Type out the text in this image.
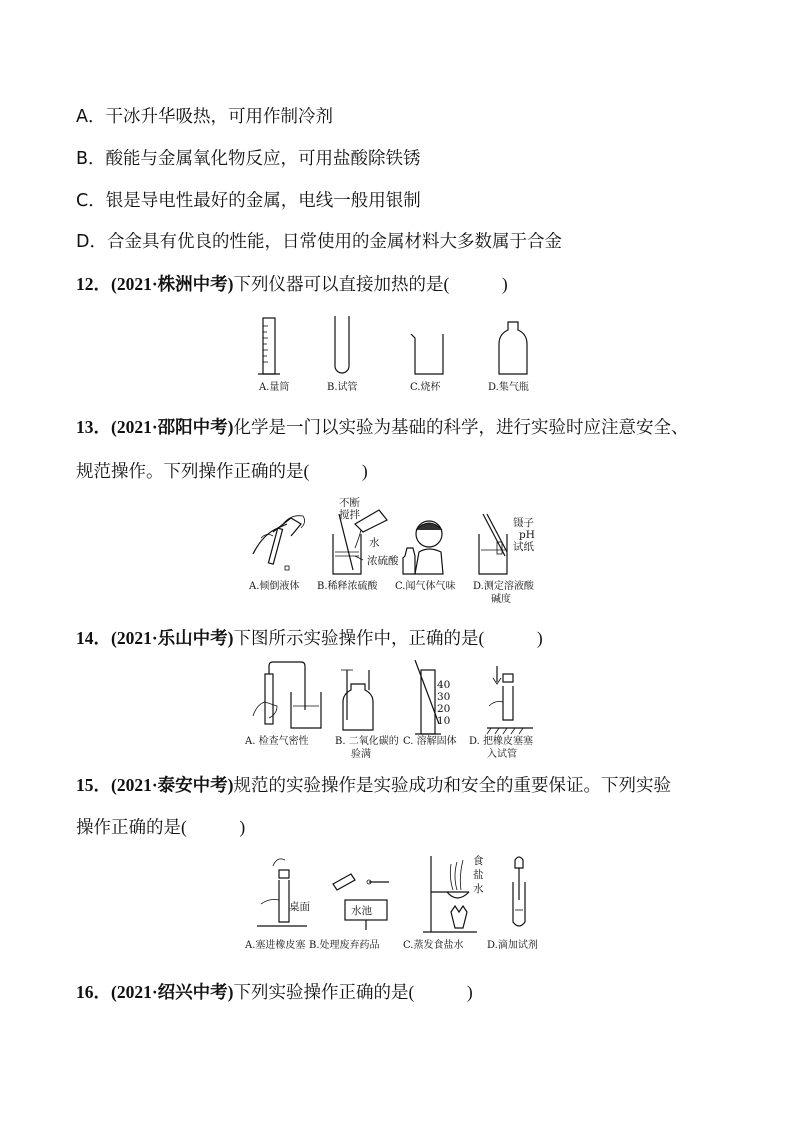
A．干冰升华吸热，可用作制冷剂
B．酸能与金属氧化物反应，可用盐酸除铁锈
C．银是导电性最好的金属，电线一般用银制
D．合金具有优良的性能，日常使用的金属材料大多数属于合金
12．(2021·株洲中考)下列仪器可以直接加热的是(　　　)
A.量筒	B.试管	C.烧杯	D.集气瓶
13．(2021·邵阳中考)化学是一门以实验为基础的科学，进行实验时应注意安全、
规范操作。下列操作正确的是(　　　)
不断
搅拌
水
浓硫酸
镊子
pH
试纸
A.倾倒液体 B.稀释浓硫酸 C.闻气体气味 D.测定溶液酸
碱度
14．(2021·乐山中考)下图所示实验操作中，正确的是(　　　)
40
30
20
10
A. 检查气密性	B. 二氧化碳的
验满
C. 溶解固体 D. 把橡皮塞塞
入试管
15．(2021·泰安中考)规范的实验操作是实验成功和安全的重要保证。下列实验
操作正确的是(　　　)
桌面	水池
食
盐
水
A.塞进橡皮塞 B.处理废弃药品 C.蒸发食盐水 D.滴加试剂
16．(2021·绍兴中考)下列实验操作正确的是(　　　)
